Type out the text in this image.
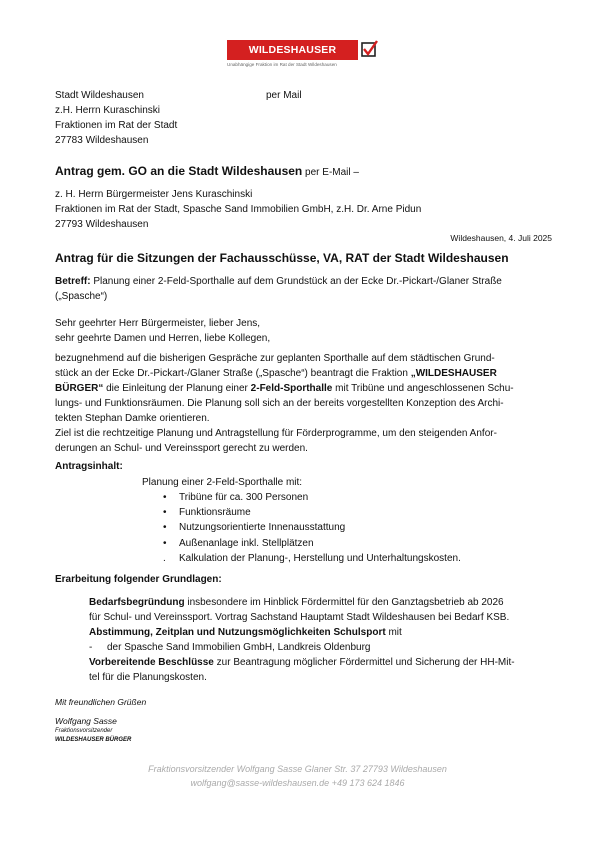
WILDESHAUSER BÜRGER
Unabhängige Fraktion im Rat der Stadt Wildeshausen
Stadt Wildeshausen	per Mail
z.H. Herrn Kuraschinski
Fraktionen im Rat der Stadt
27783 Wildeshausen
Antrag gem. GO an die Stadt Wildeshausen per E-Mail –
z. H. Herrn Bürgermeister Jens Kuraschinski
Fraktionen im Rat der Stadt, Spasche Sand Immobilien GmbH, z.H. Dr. Arne Pidun
27793 Wildeshausen
Wildeshausen, 4. Juli 2025
Antrag für die Sitzungen der Fachausschüsse, VA, RAT der Stadt Wildeshausen
Betreff: Planung einer 2-Feld-Sporthalle auf dem Grundstück an der Ecke Dr.-Pickart-/Glaner Straße
(„Spasche“)
Sehr geehrter Herr Bürgermeister, lieber Jens,
sehr geehrte Damen und Herren, liebe Kollegen,
bezugnehmend auf die bisherigen Gespräche zur geplanten Sporthalle auf dem städtischen Grund-
stück an der Ecke Dr.-Pickart-/Glaner Straße („Spasche“) beantragt die Fraktion „WILDESHAUSER
BÜRGER“ die Einleitung der Planung einer 2-Feld-Sporthalle mit Tribüne und angeschlossenen Schu-
lungs- und Funktionsräumen. Die Planung soll sich an der bereits vorgestellten Konzeption des Archi-
tekten Stephan Damke orientieren.
Ziel ist die rechtzeitige Planung und Antragstellung für Förderprogramme, um den steigenden Anfor-
derungen an Schul- und Vereinssport gerecht zu werden.
Antragsinhalt:
Planung einer 2-Feld-Sporthalle mit:
• Tribüne für ca. 300 Personen
• Funktionsräume
• Nutzungsorientierte Innenausstattung
• Außenanlage inkl. Stellplätzen
. Kalkulation der Planung-, Herstellung und Unterhaltungskosten.
Erarbeitung folgender Grundlagen:
Bedarfsbegründung insbesondere im Hinblick Fördermittel für den Ganztagsbetrieb ab 2026
für Schul- und Vereinssport. Vortrag Sachstand Hauptamt Stadt Wildeshausen bei Bedarf KSB.
Abstimmung, Zeitplan und Nutzungsmöglichkeiten Schulsport mit
- der Spasche Sand Immobilien GmbH, Landkreis Oldenburg
Vorbereitende Beschlüsse zur Beantragung möglicher Fördermittel und Sicherung der HH-Mit-
tel für die Planungskosten.
Mit freundlichen Grüßen
Wolfgang Sasse
Fraktionsvorsitzender
WILDESHAUSER BÜRGER
Fraktionsvorsitzender Wolfgang Sasse Glaner Str. 37 27793 Wildeshausen
wolfgang@sasse-wildeshausen.de +49 173 624 1846
